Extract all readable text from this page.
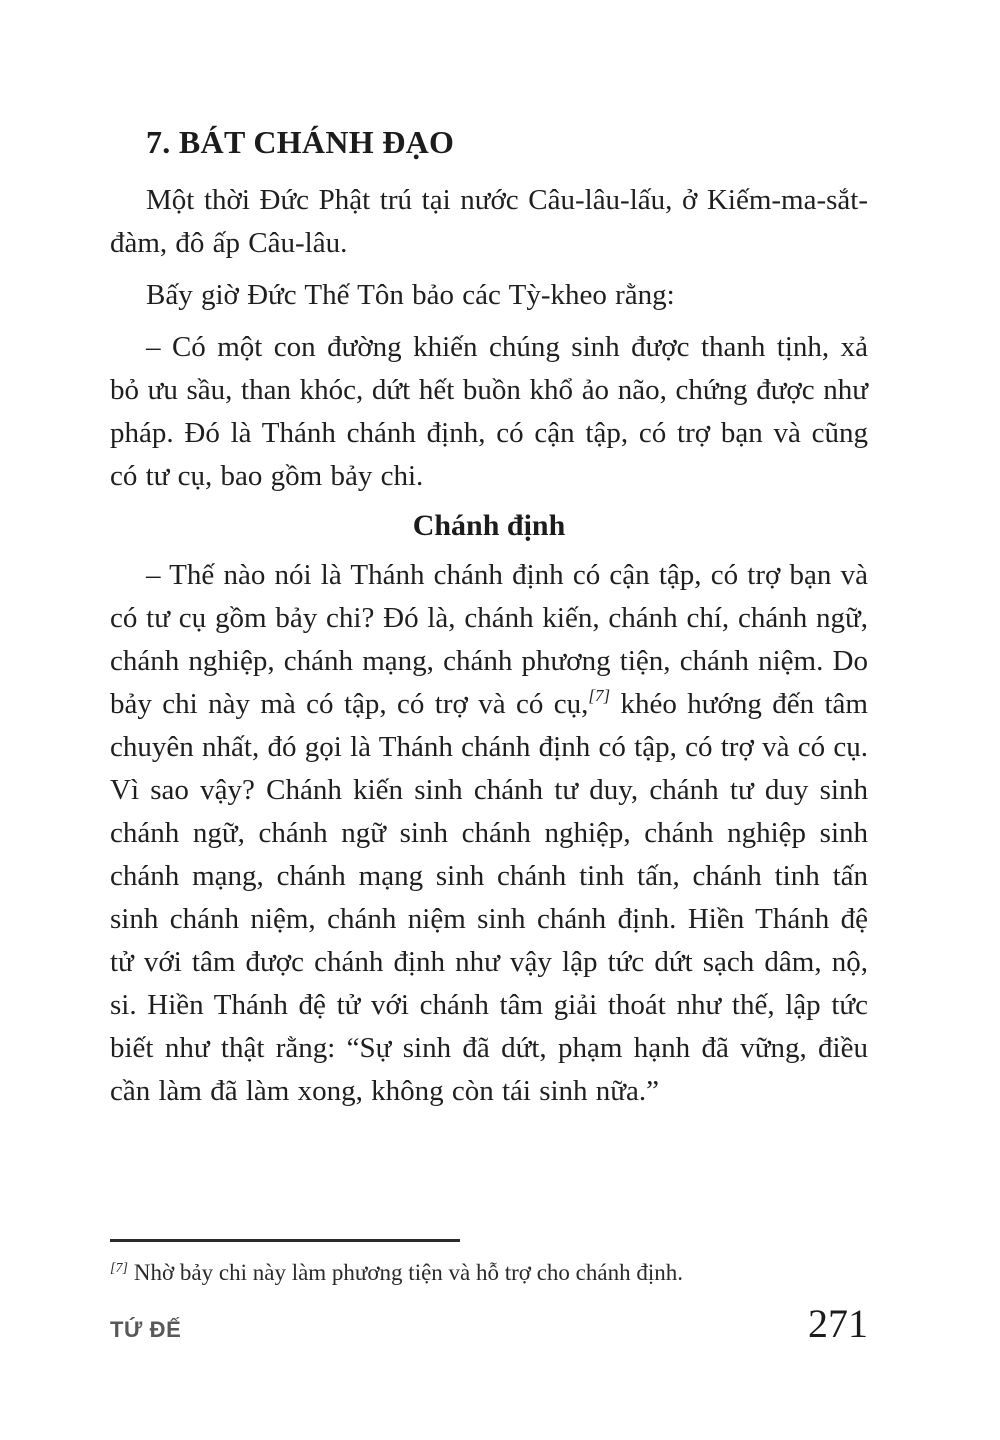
7. BÁT CHÁNH ĐẠO

Một thời Đức Phật trú tại nước Câu-lâu-lấu, ở Kiếm-ma-sắt-đàm, đô ấp Câu-lâu.

Bấy giờ Đức Thế Tôn bảo các Tỳ-kheo rằng:

– Có một con đường khiến chúng sinh được thanh tịnh, xả bỏ ưu sầu, than khóc, dứt hết buồn khổ ảo não, chứng được như pháp. Đó là Thánh chánh định, có cận tập, có trợ bạn và cũng có tư cụ, bao gồm bảy chi.

Chánh định

– Thế nào nói là Thánh chánh định có cận tập, có trợ bạn và có tư cụ gồm bảy chi? Đó là, chánh kiến, chánh chí, chánh ngữ, chánh nghiệp, chánh mạng, chánh phương tiện, chánh niệm. Do bảy chi này mà có tập, có trợ và có cụ,[7] khéo hướng đến tâm chuyên nhất, đó gọi là Thánh chánh định có tập, có trợ và có cụ. Vì sao vậy? Chánh kiến sinh chánh tư duy, chánh tư duy sinh chánh ngữ, chánh ngữ sinh chánh nghiệp, chánh nghiệp sinh chánh mạng, chánh mạng sinh chánh tinh tấn, chánh tinh tấn sinh chánh niệm, chánh niệm sinh chánh định. Hiền Thánh đệ tử với tâm được chánh định như vậy lập tức dứt sạch dâm, nộ, si. Hiền Thánh đệ tử với chánh tâm giải thoát như thế, lập tức biết như thật rằng: “Sự sinh đã dứt, phạm hạnh đã vững, điều cần làm đã làm xong, không còn tái sinh nữa.”

[7] Nhờ bảy chi này làm phương tiện và hỗ trợ cho chánh định.
TỨ ĐẾ	271
